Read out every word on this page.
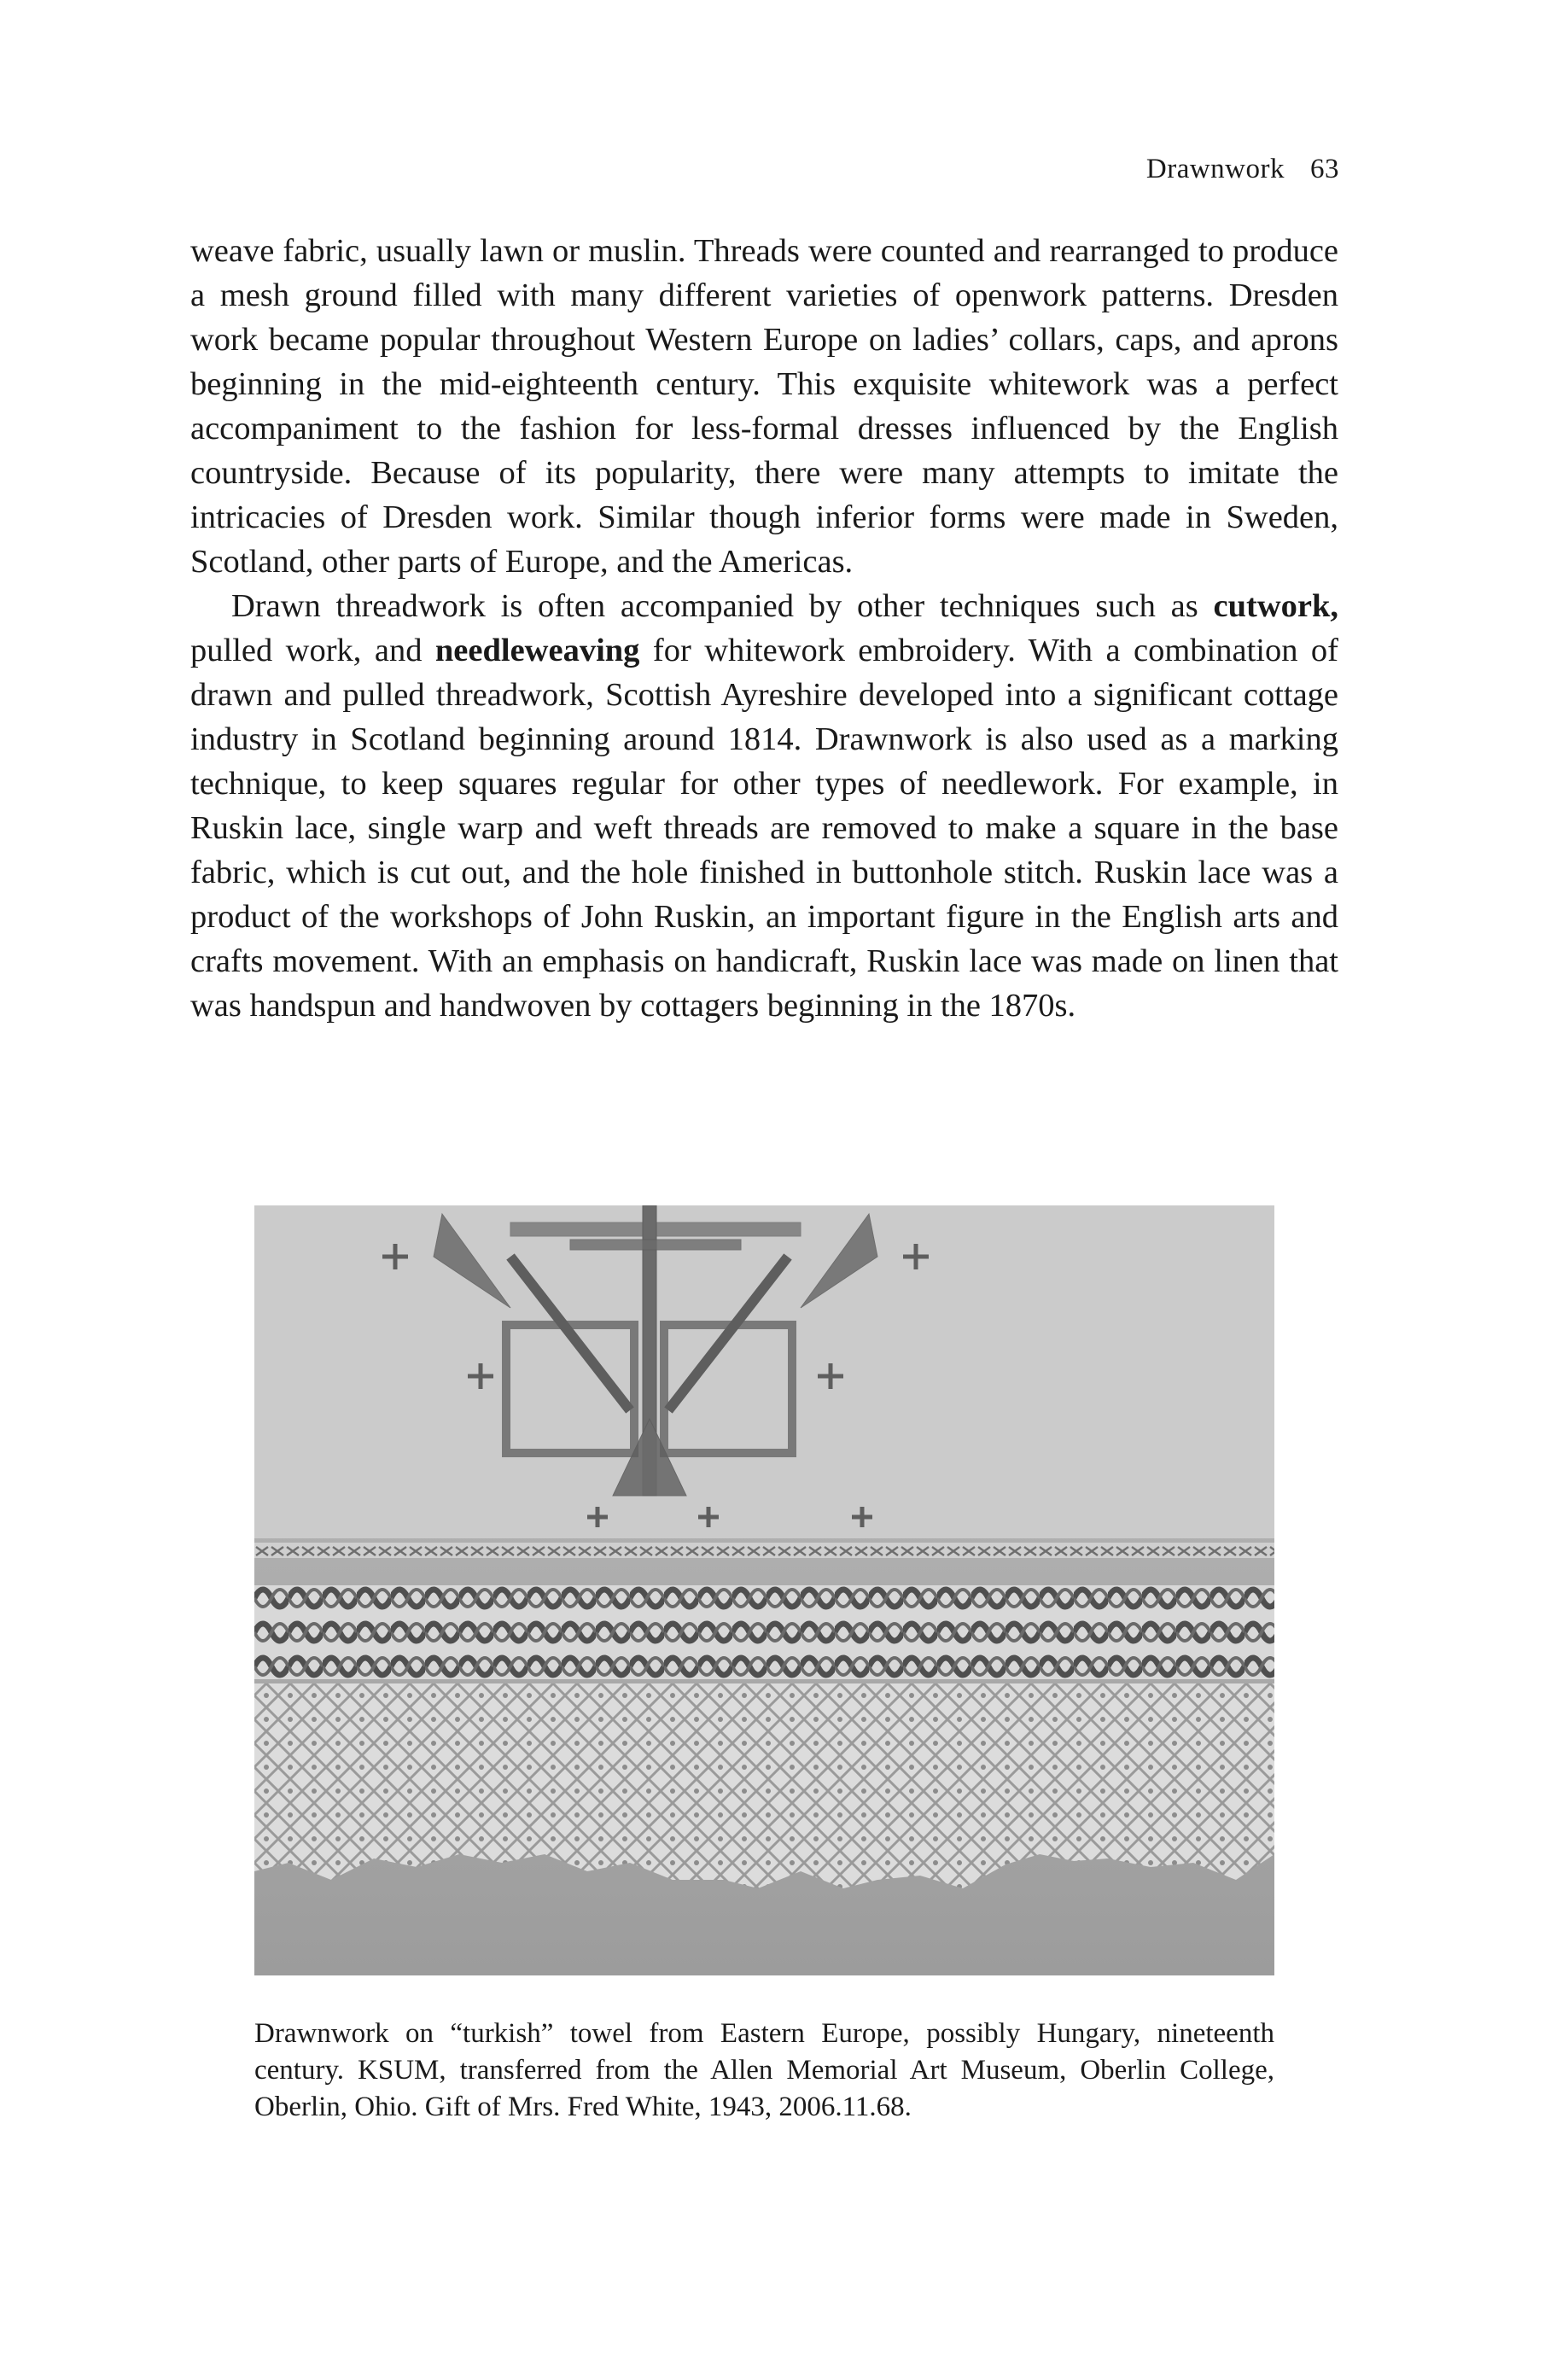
Drawnwork 63

weave fabric, usually lawn or muslin. Threads were counted and rearranged to produce a mesh ground filled with many different varieties of openwork patterns. Dresden work became popular throughout Western Europe on ladies’ collars, caps, and aprons beginning in the mid-eighteenth century. This exquisite whitework was a perfect accompaniment to the fashion for less-formal dresses influenced by the English countryside. Because of its popularity, there were many attempts to imitate the intricacies of Dresden work. Similar though inferior forms were made in Sweden, Scotland, other parts of Europe, and the Americas.

Drawn threadwork is often accompanied by other techniques such as cutwork, pulled work, and needleweaving for whitework embroidery. With a combination of drawn and pulled threadwork, Scottish Ayreshire developed into a significant cottage industry in Scotland beginning around 1814. Drawnwork is also used as a marking technique, to keep squares regular for other types of needlework. For example, in Ruskin lace, single warp and weft threads are removed to make a square in the base fabric, which is cut out, and the hole finished in buttonhole stitch. Ruskin lace was a product of the workshops of John Ruskin, an important figure in the English arts and crafts movement. With an emphasis on handicraft, Ruskin lace was made on linen that was handspun and handwoven by cottagers beginning in the 1870s.

Drawnwork on “turkish” towel from Eastern Europe, possibly Hungary, nineteenth century. KSUM, transferred from the Allen Memorial Art Museum, Oberlin College, Oberlin, Ohio. Gift of Mrs. Fred White, 1943, 2006.11.68.
